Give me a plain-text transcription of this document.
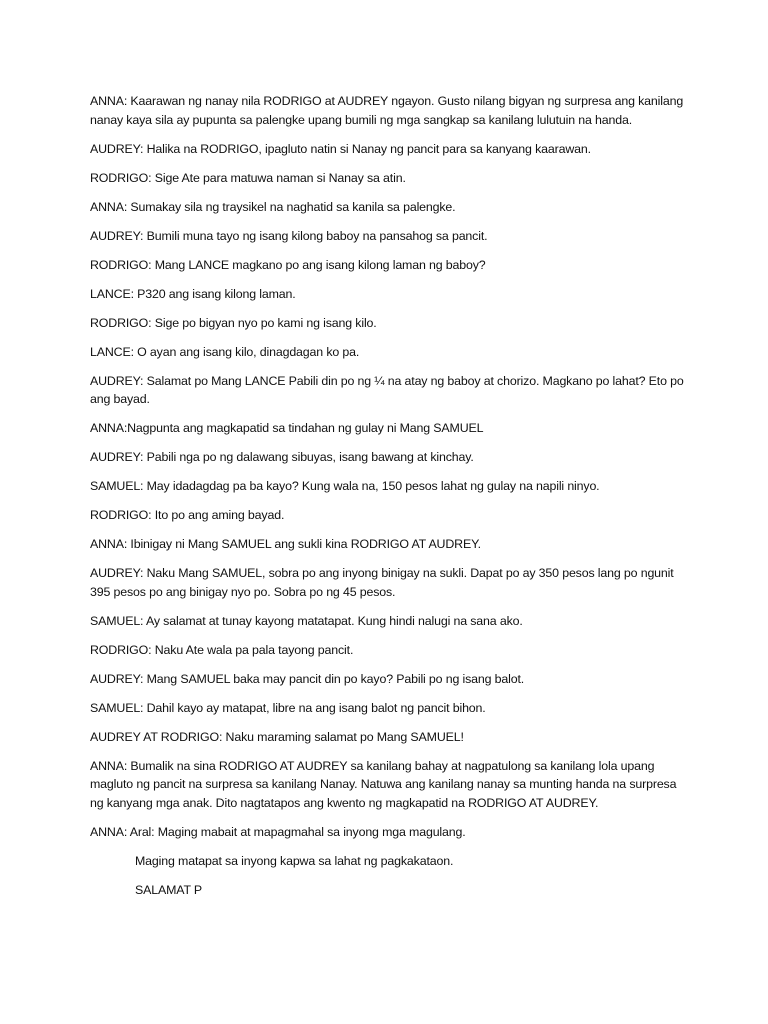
ANNA: Kaarawan ng nanay nila RODRIGO at AUDREY ngayon. Gusto nilang bigyan ng surpresa ang kanilang nanay kaya sila ay pupunta sa palengke upang bumili ng mga sangkap sa kanilang lulutuin na handa.

AUDREY: Halika na RODRIGO, ipagluto natin si Nanay ng pancit para sa kanyang kaarawan.

RODRIGO: Sige Ate para matuwa naman si Nanay sa atin.

ANNA: Sumakay sila ng traysikel na naghatid sa kanila sa palengke.

AUDREY: Bumili muna tayo ng isang kilong baboy na pansahog sa pancit.

RODRIGO: Mang LANCE magkano po ang isang kilong laman ng baboy?

LANCE: P320 ang isang kilong laman.

RODRIGO: Sige po bigyan nyo po kami ng isang kilo.

LANCE: O ayan ang isang kilo, dinagdagan ko pa.

AUDREY: Salamat po Mang LANCE Pabili din po ng ¼ na atay ng baboy at chorizo. Magkano po lahat? Eto po ang bayad.

ANNA:Nagpunta ang magkapatid sa tindahan ng gulay ni Mang SAMUEL

AUDREY: Pabili nga po ng dalawang sibuyas, isang bawang at kinchay.

SAMUEL: May idadagdag pa ba kayo? Kung wala na, 150 pesos lahat ng gulay na napili ninyo.

RODRIGO: Ito po ang aming bayad.

ANNA: Ibinigay ni Mang SAMUEL ang sukli kina RODRIGO AT AUDREY.

AUDREY: Naku Mang SAMUEL, sobra po ang inyong binigay na sukli. Dapat po ay 350 pesos lang po ngunit 395 pesos po ang binigay nyo po. Sobra po ng 45 pesos.

SAMUEL: Ay salamat at tunay kayong matatapat. Kung hindi nalugi na sana ako.

RODRIGO: Naku Ate wala pa pala tayong pancit.

AUDREY: Mang SAMUEL baka may pancit din po kayo? Pabili po ng isang balot.

SAMUEL: Dahil kayo ay matapat, libre na ang isang balot ng pancit bihon.

AUDREY AT RODRIGO: Naku maraming salamat po Mang SAMUEL!

ANNA: Bumalik na sina RODRIGO AT AUDREY sa kanilang bahay at nagpatulong sa kanilang lola upang magluto ng pancit na surpresa sa kanilang Nanay. Natuwa ang kanilang nanay sa munting handa na surpresa ng kanyang mga anak. Dito nagtatapos ang kwento ng magkapatid na RODRIGO AT AUDREY.

ANNA: Aral: Maging mabait at mapagmahal sa inyong mga magulang.

Maging matapat sa inyong kapwa sa lahat ng pagkakataon.

SALAMAT P
